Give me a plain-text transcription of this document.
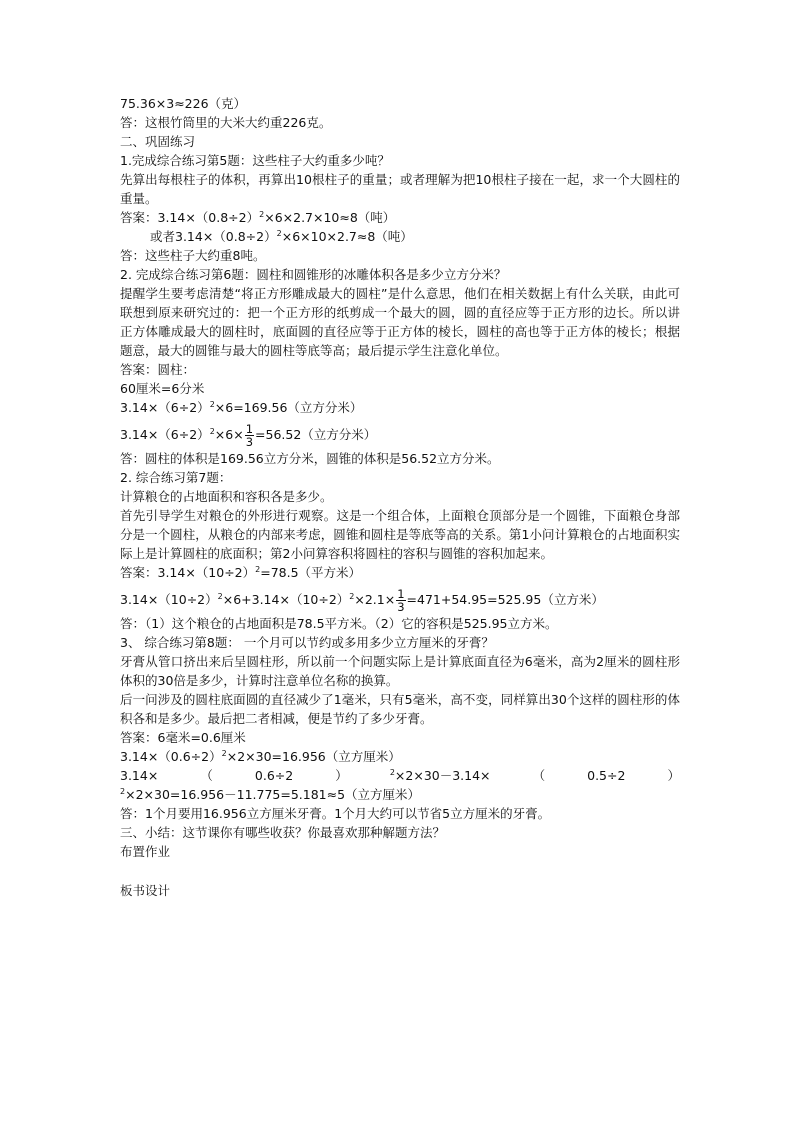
75.36×3≈226（克）
答：这根竹筒里的大米大约重226克。
二、巩固练习
1.完成综合练习第5题：这些柱子大约重多少吨？
先算出每根柱子的体积，再算出10根柱子的重量；或者理解为把10根柱子接在一起，求一个大圆柱的重量。
答案：$3.14\times(0.8\div 2)^2\times 6\times 2.7\times 10\approx 8$（吨）
或者$3.14\times(0.8\div 2)^2\times 6\times 10\times 2.7\approx 8$（吨）
答：这些柱子大约重8吨。
2. 完成综合练习第6题：圆柱和圆锥形的冰雕体积各是多少立方分米？
提醒学生要考虑清楚“将正方形雕成最大的圆柱”是什么意思，他们在相关数据上有什么关联，由此可联想到原来研究过的：把一个正方形的纸剪成一个最大的圆，圆的直径应等于正方形的边长。所以讲正方体雕成最大的圆柱时，底面圆的直径应等于正方体的棱长，圆柱的高也等于正方体的棱长；根据题意，最大的圆锥与最大的圆柱等底等高；最后提示学生注意化单位。
答案：圆柱：
60厘米=6分米
$3.14\times(6\div 2)^2\times 6=169.56$（立方分米）
$3.14\times(6\div 2)^2\times 6\times \frac{1}{3} =56.52$（立方分米）
答：圆柱的体积是169.56立方分米，圆锥的体积是56.52立方分米。
2. 综合练习第7题：
计算粮仓的占地面积和容积各是多少。
首先引导学生对粮仓的外形进行观察。这是一个组合体，上面粮仓顶部分是一个圆锥，下面粮仓身部分是一个圆柱，从粮仓的内部来考虑，圆锥和圆柱是等底等高的关系。第1小问计算粮仓的占地面积实际上是计算圆柱的底面积；第2小问算容积将圆柱的容积与圆锥的容积加起来。
答案：$3.14\times(10\div 2)^2=78.5$（平方米）
$3.14\times(10\div 2)^2\times 6+3.14\times(10\div 2)^2\times 2.1\times \frac{1}{3} =471+54.95=525.95$（立方米）
答：（1）这个粮仓的占地面积是78.5平方米。（2）它的容积是525.95立方米。
3、 综合练习第8题： 一个月可以节约或多用多少立方厘米的牙膏？
牙膏从管口挤出来后呈圆柱形，所以前一个问题实际上是计算底面直径为6毫米，高为2厘米的圆柱形体积的30倍是多少，计算时注意单位名称的换算。
后一问涉及的圆柱底面圆的直径减少了1毫米，只有5毫米，高不变，同样算出30个这样的圆柱形的体积各和是多少。最后把二者相减，便是节约了多少牙膏。
答案：6毫米=0.6厘米
$3.14\times(0.6\div 2)^2\times 2\times 30=16.956$（立方厘米）
$3.14\times(0.6\div 2)^2\times 2\times 30-3.14\times(0.5\div 2)^2\times 2\times 30=16.956-11.775=5.181\approx 5$（立方厘米）
答：1个月要用16.956立方厘米牙膏。1个月大约可以节省5立方厘米的牙膏。
三、小结：这节课你有哪些收获？你最喜欢那种解题方法？
布置作业
板书设计
